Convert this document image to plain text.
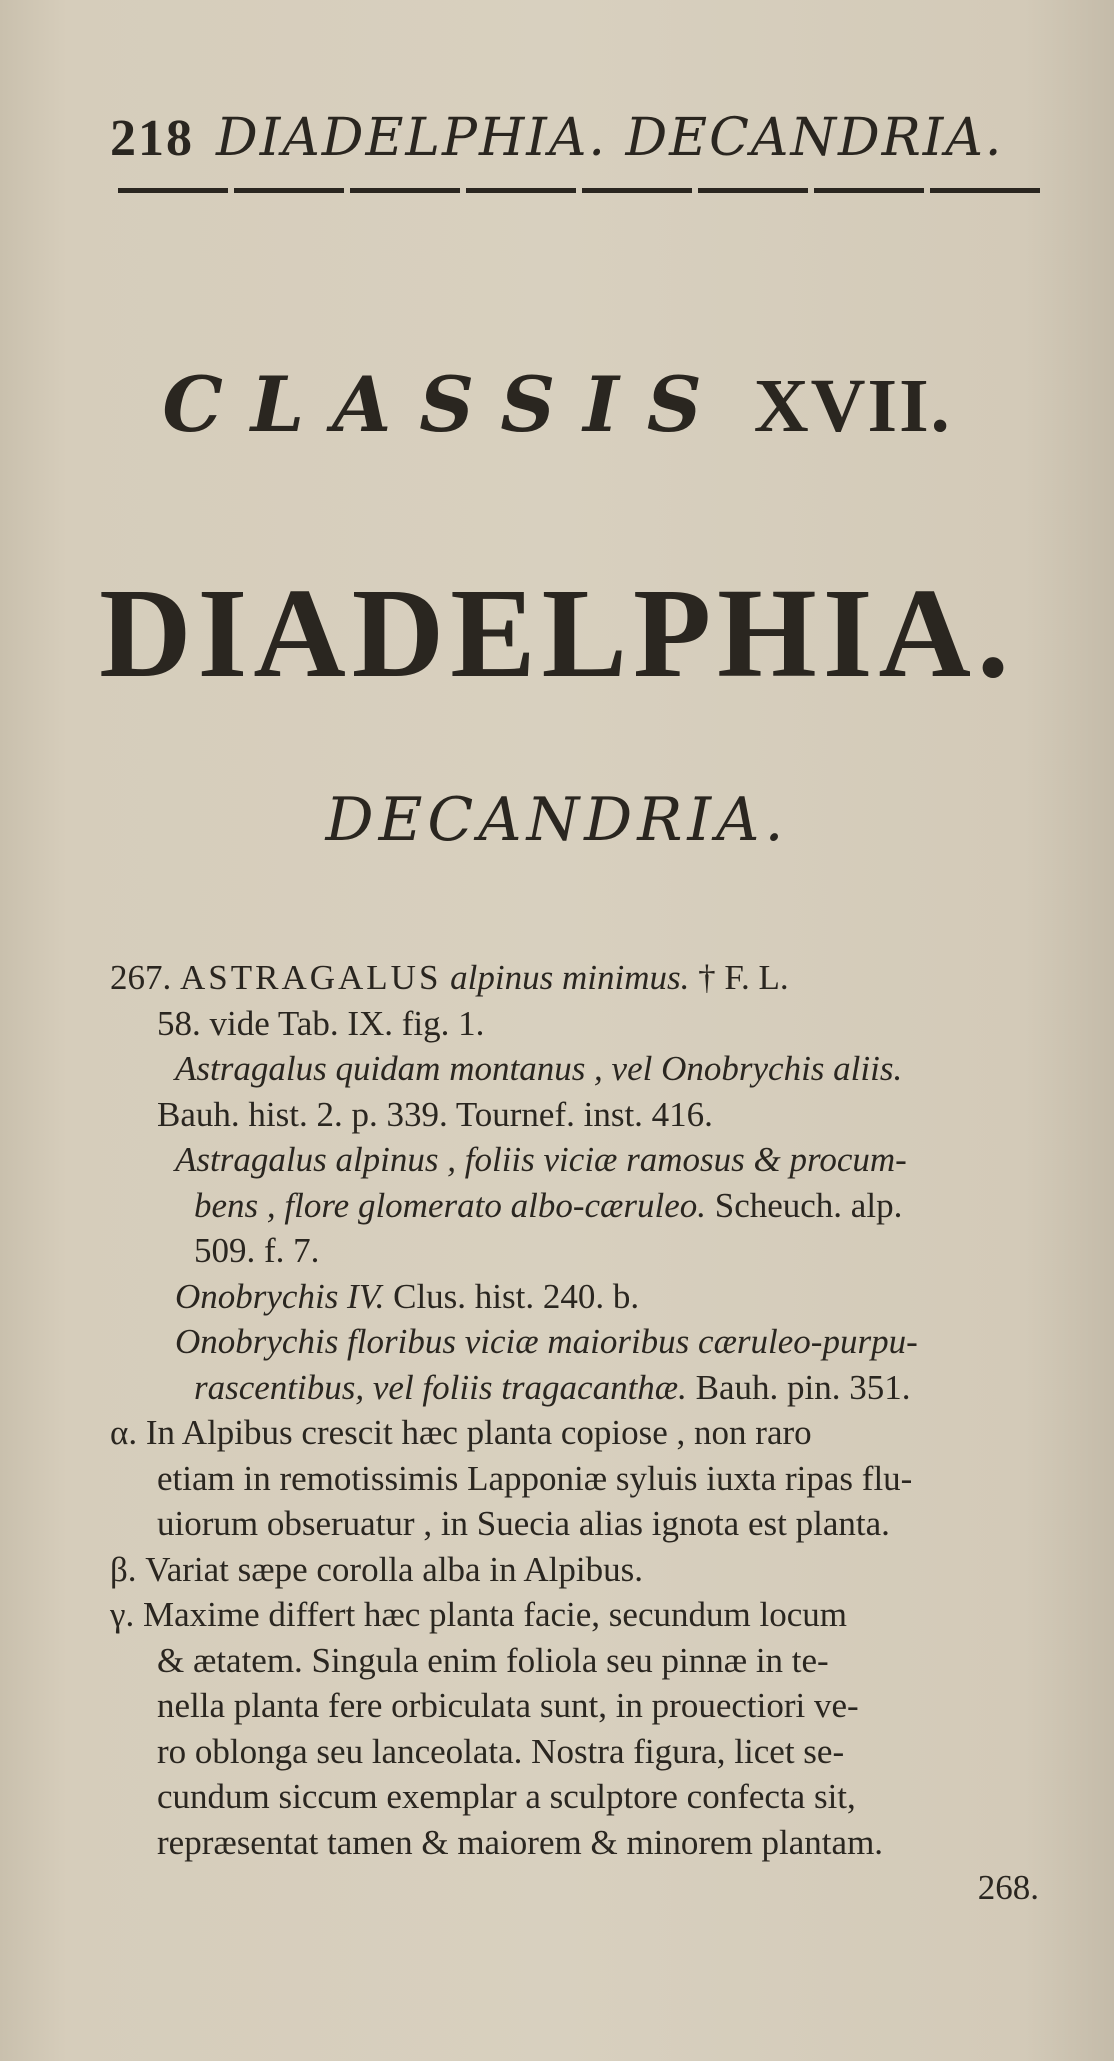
218 DIADELPHIA. DECANDRIA.
CLASSIS XVII.
DIADELPHIA.
DECANDRIA.
267. ASTRAGALUS alpinus minimus. † F. L.
58. vide Tab. IX. fig. 1.
Astragalus quidam montanus , vel Onobrychis aliis.
Bauh. hist. 2. p. 339. Tournef. inst. 416.
Astragalus alpinus , foliis viciæ ramosus & procum-
bens , flore glomerato albo-cæruleo. Scheuch. alp.
509. f. 7.
Onobrychis IV. Clus. hist. 240. b.
Onobrychis floribus viciæ maioribus cæruleo-purpu-
rascentibus, vel foliis tragacanthæ. Bauh. pin. 351.
α. In Alpibus crescit hæc planta copiose , non raro
etiam in remotissimis Lapponiæ syluis iuxta ripas flu-
uiorum obseruatur , in Suecia alias ignota est planta.
β. Variat sæpe corolla alba in Alpibus.
γ. Maxime differt hæc planta facie, secundum locum
& ætatem. Singula enim foliola seu pinnæ in te-
nella planta fere orbiculata sunt, in prouectiori ve-
ro oblonga seu lanceolata. Nostra figura, licet se-
cundum siccum exemplar a sculptore confecta sit,
repræsentat tamen & maiorem & minorem plantam.
268.
